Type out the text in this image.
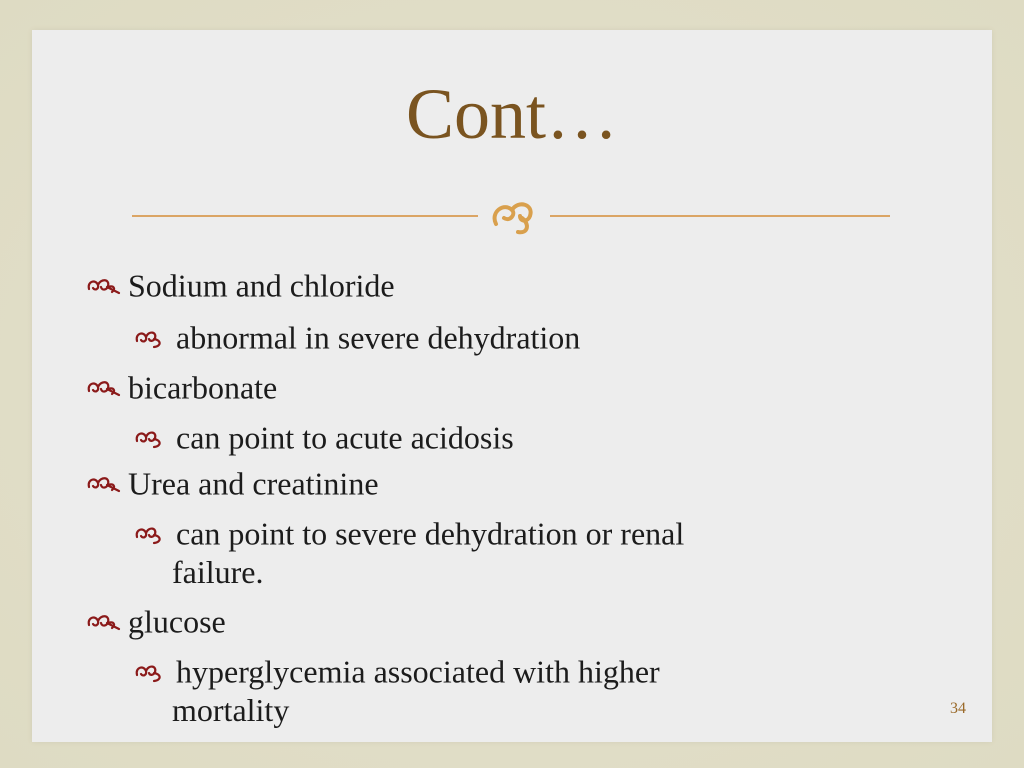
Cont…
Sodium and chloride
abnormal in severe dehydration
bicarbonate
can point to acute acidosis
Urea and creatinine
can point to severe dehydration or renal
failure.
glucose
hyperglycemia associated with higher
mortality	34
